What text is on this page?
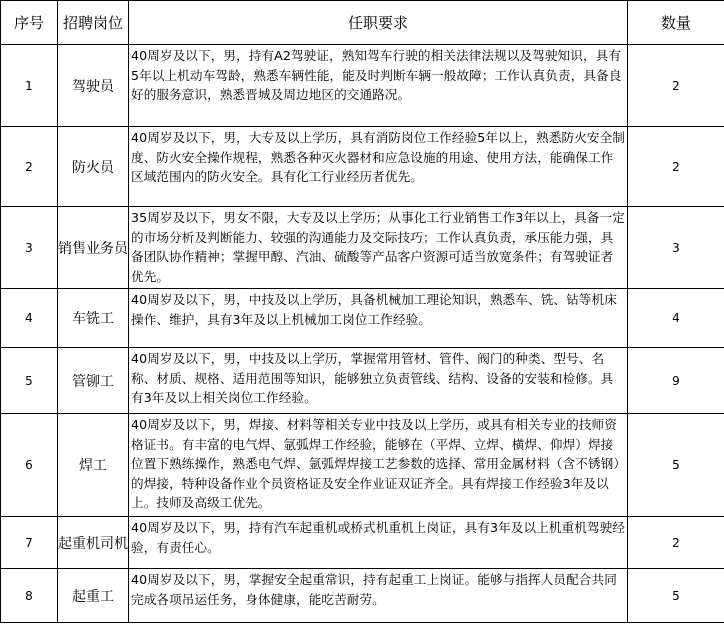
序号	招聘岗位	任职要求	数量
1	驾驶员	40周岁及以下，男，持有A2驾驶证，熟知驾车行驶的相关法律法规以及驾驶知识，具有5年以上机动车驾龄，熟悉车辆性能，能及时判断车辆一般故障；工作认真负责，具备良好的服务意识，熟悉晋城及周边地区的交通路况。	2
2	防火员	40周岁及以下，男，大专及以上学历，具有消防岗位工作经验5年以上，熟悉防火安全制度、防火安全操作规程，熟悉各种灭火器材和应急设施的用途、使用方法，能确保工作区域范围内的防火安全。具有化工行业经历者优先。	2
3	销售业务员	35周岁及以下，男女不限，大专及以上学历；从事化工行业销售工作3年以上，具备一定的市场分析及判断能力、较强的沟通能力及交际技巧；工作认真负责，承压能力强，具备团队协作精神；掌握甲醇、汽油、硫酸等产品客户资源可适当放宽条件；有驾驶证者优先。	3
4	车铣工	40周岁及以下，男，中技及以上学历，具备机械加工理论知识，熟悉车、铣、钻等机床操作、维护，具有3年及以上机械加工岗位工作经验。	4
5	管铆工	40周岁及以下，男，中技及以上学历，掌握常用管材、管件、阀门的种类、型号、名称、材质、规格、适用范围等知识，能够独立负责管线、结构、设备的安装和检修。具有3年及以上相关岗位工作经验。	9
6	焊工	40周岁及以下，男，焊接、材料等相关专业中技及以上学历，或具有相关专业的技师资格证书。有丰富的电气焊、氩弧焊工作经验，能够在（平焊、立焊、横焊、仰焊）焊接位置下熟练操作，熟悉电气焊、氩弧焊焊接工艺参数的选择、常用金属材料（含不锈钢）的焊接，特种设备作业个员资格证及安全作业证双证齐全。具有焊接工作经验3年及以上。技师及高级工优先。	5
7	起重机司机	40周岁及以下，男，持有汽车起重机或桥式机重机上岗证，具有3年及以上机重机驾驶经验，有责任心。	2
8	起重工	40周岁及以下，男，掌握安全起重常识，持有起重工上岗证。能够与指挥人员配合共同完成各项吊运任务，身体健康，能吃苦耐劳。	5
